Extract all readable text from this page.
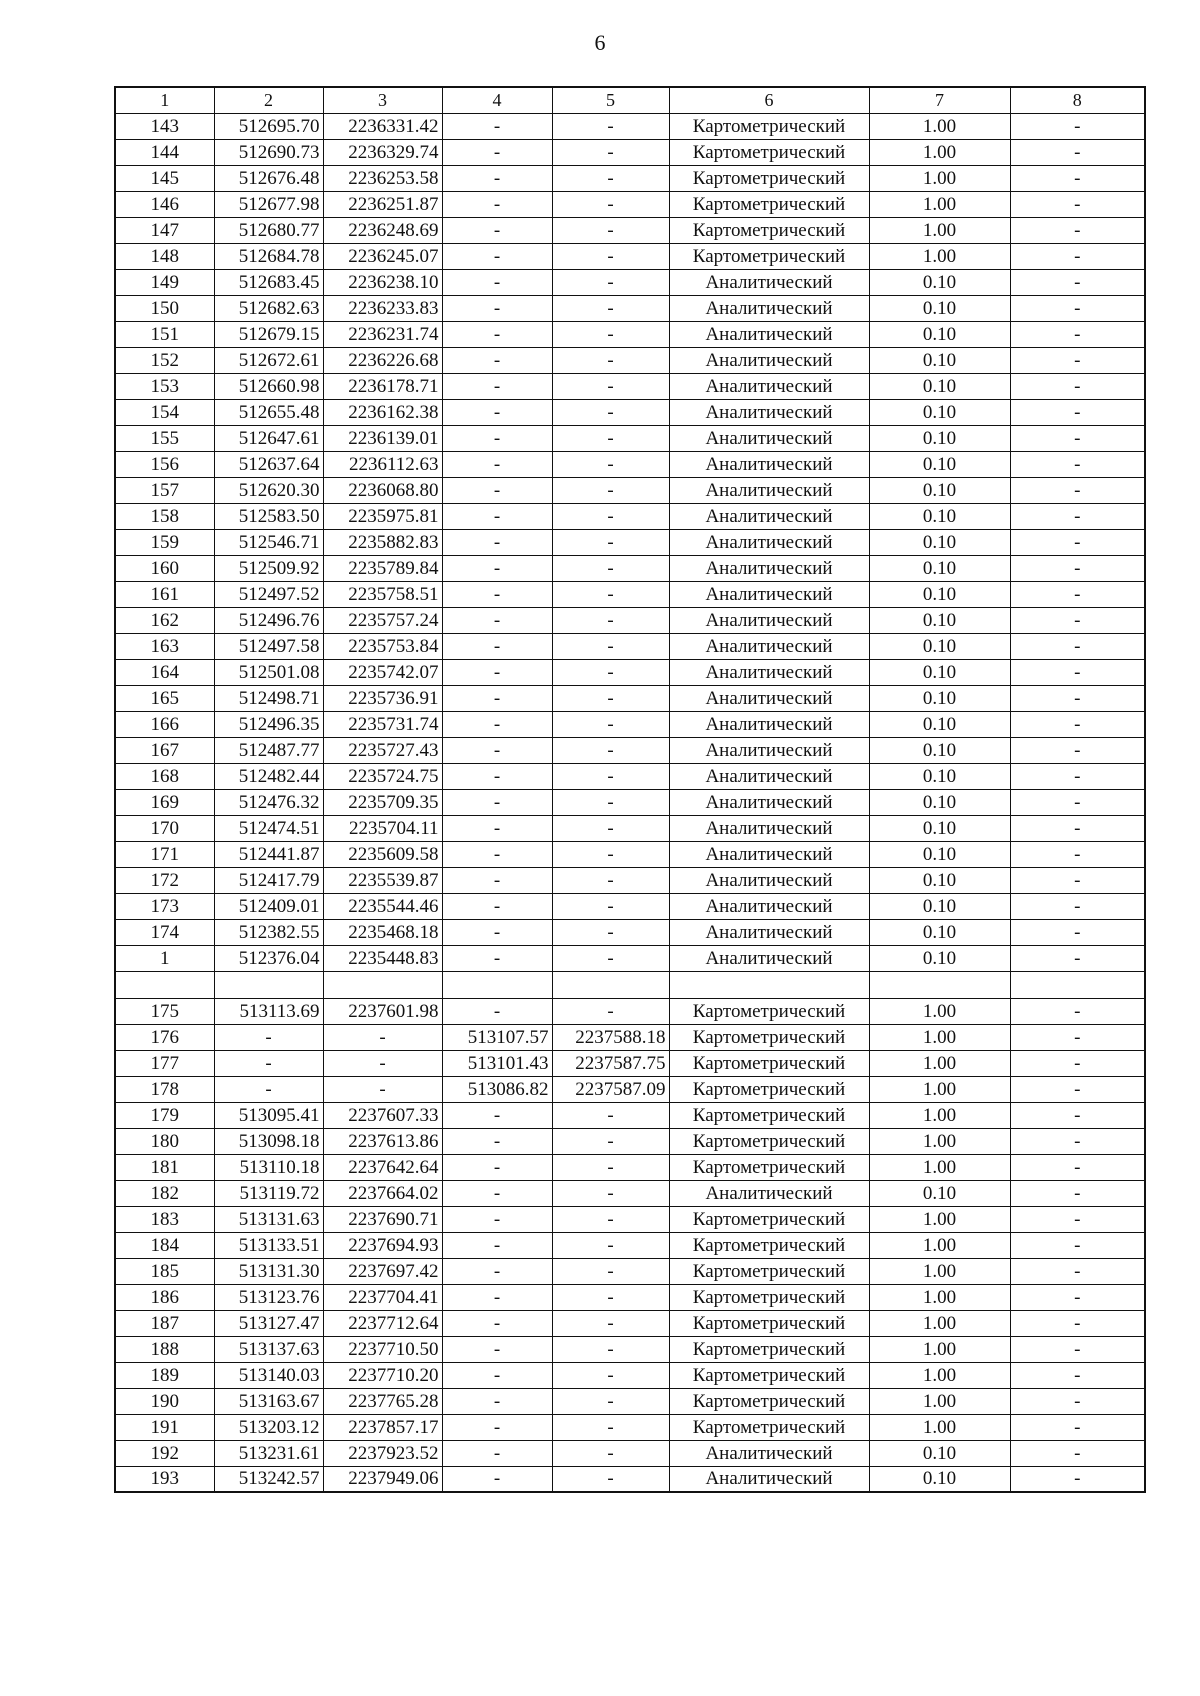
6
1	2	3	4	5	6	7	8
143	512695.70	2236331.42	-	-	Картометрический	1.00	-
144	512690.73	2236329.74	-	-	Картометрический	1.00	-
145	512676.48	2236253.58	-	-	Картометрический	1.00	-
146	512677.98	2236251.87	-	-	Картометрический	1.00	-
147	512680.77	2236248.69	-	-	Картометрический	1.00	-
148	512684.78	2236245.07	-	-	Картометрический	1.00	-
149	512683.45	2236238.10	-	-	Аналитический	0.10	-
150	512682.63	2236233.83	-	-	Аналитический	0.10	-
151	512679.15	2236231.74	-	-	Аналитический	0.10	-
152	512672.61	2236226.68	-	-	Аналитический	0.10	-
153	512660.98	2236178.71	-	-	Аналитический	0.10	-
154	512655.48	2236162.38	-	-	Аналитический	0.10	-
155	512647.61	2236139.01	-	-	Аналитический	0.10	-
156	512637.64	2236112.63	-	-	Аналитический	0.10	-
157	512620.30	2236068.80	-	-	Аналитический	0.10	-
158	512583.50	2235975.81	-	-	Аналитический	0.10	-
159	512546.71	2235882.83	-	-	Аналитический	0.10	-
160	512509.92	2235789.84	-	-	Аналитический	0.10	-
161	512497.52	2235758.51	-	-	Аналитический	0.10	-
162	512496.76	2235757.24	-	-	Аналитический	0.10	-
163	512497.58	2235753.84	-	-	Аналитический	0.10	-
164	512501.08	2235742.07	-	-	Аналитический	0.10	-
165	512498.71	2235736.91	-	-	Аналитический	0.10	-
166	512496.35	2235731.74	-	-	Аналитический	0.10	-
167	512487.77	2235727.43	-	-	Аналитический	0.10	-
168	512482.44	2235724.75	-	-	Аналитический	0.10	-
169	512476.32	2235709.35	-	-	Аналитический	0.10	-
170	512474.51	2235704.11	-	-	Аналитический	0.10	-
171	512441.87	2235609.58	-	-	Аналитический	0.10	-
172	512417.79	2235539.87	-	-	Аналитический	0.10	-
173	512409.01	2235544.46	-	-	Аналитический	0.10	-
174	512382.55	2235468.18	-	-	Аналитический	0.10	-
1	512376.04	2235448.83	-	-	Аналитический	0.10	-

175	513113.69	2237601.98	-	-	Картометрический	1.00	-
176	-	-	513107.57	2237588.18	Картометрический	1.00	-
177	-	-	513101.43	2237587.75	Картометрический	1.00	-
178	-	-	513086.82	2237587.09	Картометрический	1.00	-
179	513095.41	2237607.33	-	-	Картометрический	1.00	-
180	513098.18	2237613.86	-	-	Картометрический	1.00	-
181	513110.18	2237642.64	-	-	Картометрический	1.00	-
182	513119.72	2237664.02	-	-	Аналитический	0.10	-
183	513131.63	2237690.71	-	-	Картометрический	1.00	-
184	513133.51	2237694.93	-	-	Картометрический	1.00	-
185	513131.30	2237697.42	-	-	Картометрический	1.00	-
186	513123.76	2237704.41	-	-	Картометрический	1.00	-
187	513127.47	2237712.64	-	-	Картометрический	1.00	-
188	513137.63	2237710.50	-	-	Картометрический	1.00	-
189	513140.03	2237710.20	-	-	Картометрический	1.00	-
190	513163.67	2237765.28	-	-	Картометрический	1.00	-
191	513203.12	2237857.17	-	-	Картометрический	1.00	-
192	513231.61	2237923.52	-	-	Аналитический	0.10	-
193	513242.57	2237949.06	-	-	Аналитический	0.10	-
